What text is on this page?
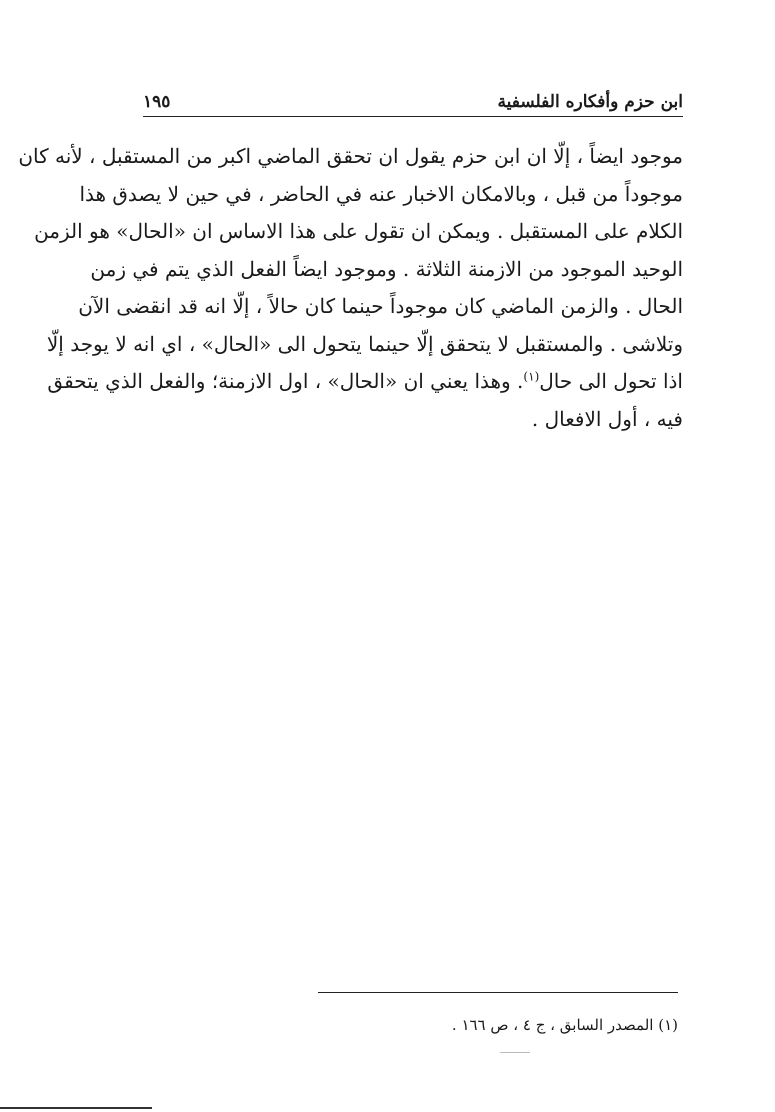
ابن حزم وأفكاره الفلسفية
١٩٥
موجود ايضاً ، إلّا ان ابن حزم يقول ان تحقق الماضي اكبر من المستقبل ، لأنه كان
موجوداً من قبل ، وبالامكان الاخبار عنه في الحاضر ، في حين لا يصدق هذا
الكلام على المستقبل . ويمكن ان تقول على هذا الاساس ان «الحال» هو الزمن
الوحيد الموجود من الازمنة الثلاثة . وموجود ايضاً الفعل الذي يتم في زمن
الحال . والزمن الماضي كان موجوداً حينما كان حالاً ، إلّا انه قد انقضى الآن
وتلاشى . والمستقبل لا يتحقق إلّا حينما يتحول الى «الحال» ، اي انه لا يوجد إلّا
اذا تحول الى حال$^{(١)}$. وهذا يعني ان «الحال» ، اول الازمنة؛ والفعل الذي يتحقق
فيه ، أول الافعال .
(١) المصدر السابق ، ج ٤ ، ص ١٦٦ .
